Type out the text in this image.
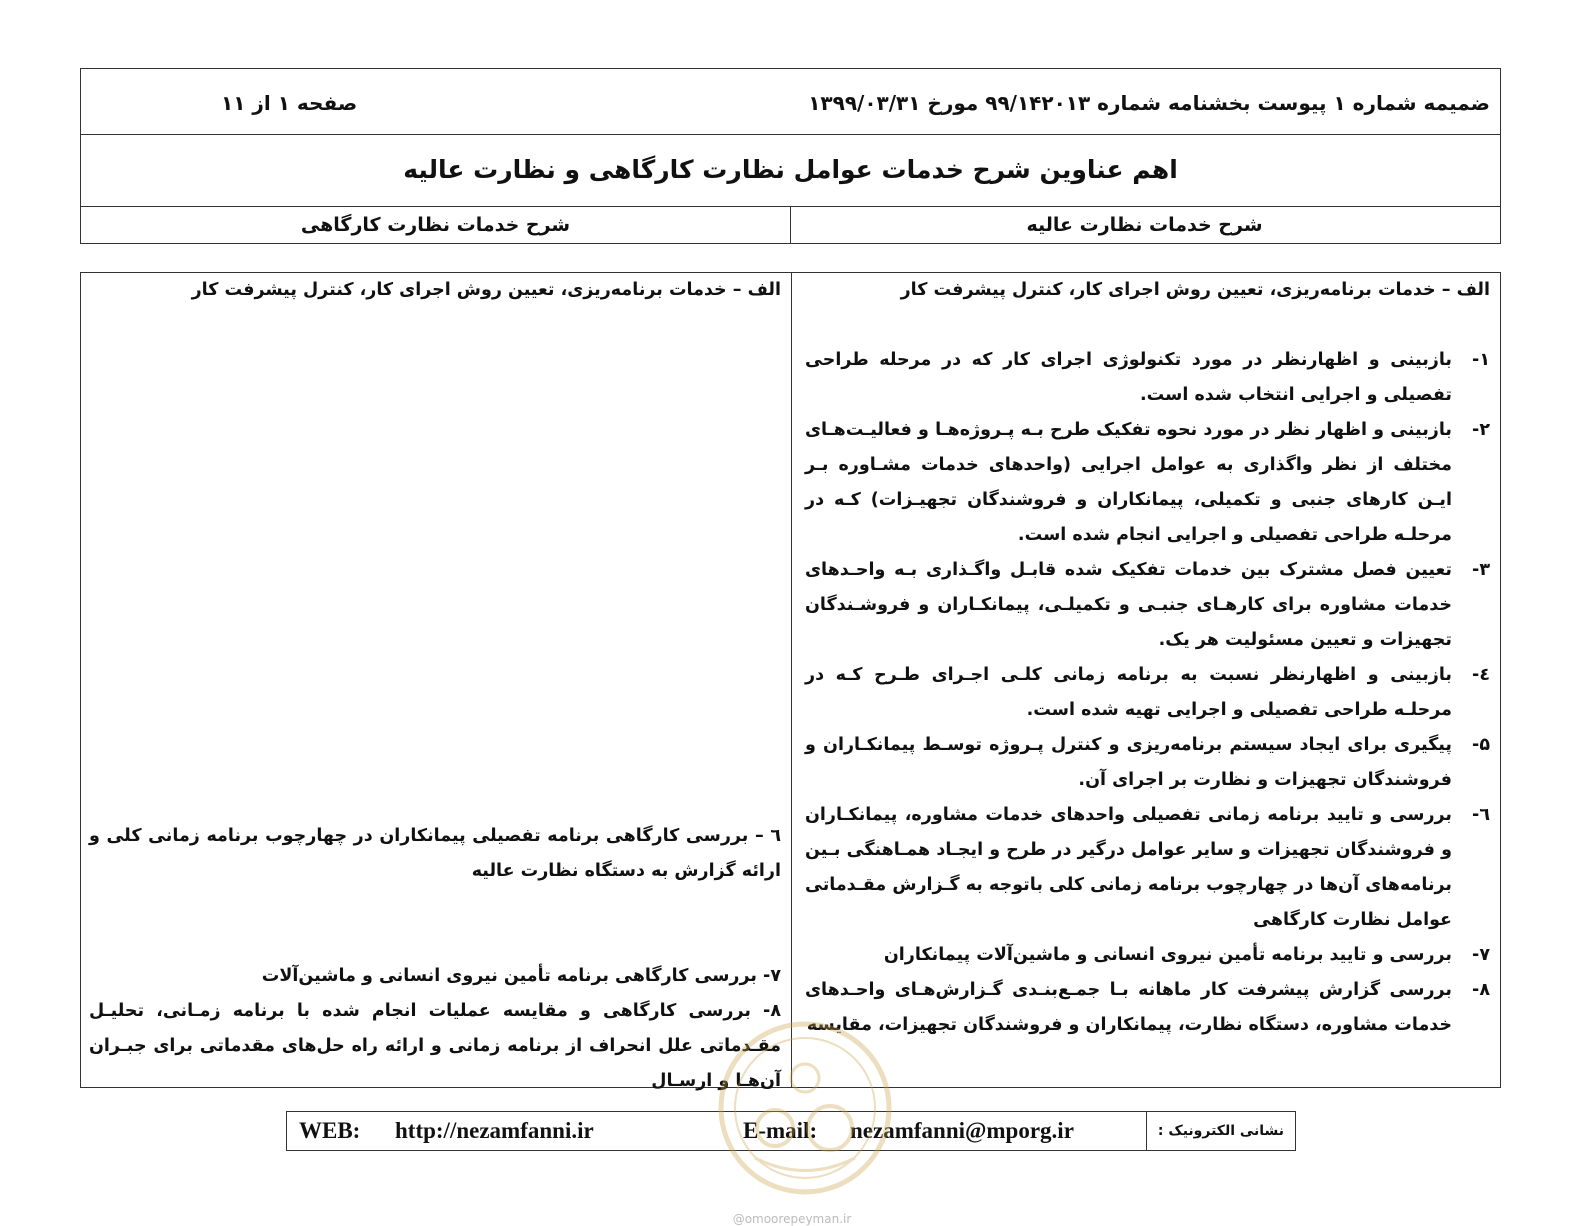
ضمیمه شماره ۱ پیوست بخشنامه شماره ۹۹/۱۴۲۰۱۳ مورخ ۱۳۹۹/۰۳/۳۱
صفحه ۱ از ۱۱
اهم عناوین شرح خدمات عوامل نظارت کارگاهی و نظارت عالیه
شرح خدمات نظارت عالیه
شرح خدمات نظارت کارگاهی

الف – خدمات برنامه‌ریزی، تعیین روش اجرای کار، کنترل پیشرفت کار

۱-
بازبینی و اظهارنظر در مورد تکنولوژی اجرای کار که در مرحله طراحی تفصیلی و اجرایی انتخاب شده است.
۲-
بازبینی و اظهار نظر در مورد نحوه تفکیک طرح بـه پـروژه‌هـا و فعالیـت‌هـای مختلف از نظر واگذاری به عوامل اجرایی (واحدهای خدمات مشـاوره بـر ایـن کارهای جنبی و تکمیلی، پیمانکاران و فروشندگان تجهیـزات) کـه در مرحلـه طراحی تفصیلی و اجرایی انجام شده است.
۳-
تعیین فصل مشترک بین خدمات تفکیک شده قابـل واگـذاری بـه واحـدهای خدمات مشاوره برای کارهـای جنبـی و تکمیلـی، پیمانکـاران و فروشـندگان تجهیزات و تعیین مسئولیت هر یک.
٤-
بازبینی و اظهارنظر نسبت به برنامه زمانی کلـی اجـرای طـرح کـه در مرحلـه طراحی تفصیلی و اجرایی تهیه شده است.
۵-
پیگیری برای ایجاد سیستم برنامه‌ریزی و کنترل پـروژه توسـط پیمانکـاران و فروشندگان تجهیزات و نظارت بر اجرای آن.
٦-
بررسی و تایید برنامه زمانی تفصیلی واحدهای خدمات مشاوره، پیمانکـاران و فروشندگان تجهیزات و سایر عوامل درگیر در طرح و ایجـاد همـاهنگی بـین برنامه‌های آن‌ها در چهارچوب برنامه زمانی کلی باتوجه به گـزارش مقـدماتی عوامل نظارت کارگاهی
۷-
بررسی و تایید برنامه تأمین نیروی انسانی و ماشین‌آلات پیمانکاران
۸-
بررسی گزارش پیشرفت کار ماهانه بـا جمـع‌بنـدی گـزارش‌هـای واحـدهای خدمات مشاوره، دستگاه نظارت، پیمانکاران و فروشندگان تجهیزات، مقایسه

الف – خدمات برنامه‌ریزی، تعیین روش اجرای کار، کنترل پیشرفت کار

٦ – بررسی کارگاهی برنامه تفصیلی پیمانکاران در چهارچوب برنامه زمانی کلی و ارائه گزارش به دستگاه نظارت عالیه
۷- بررسی کارگاهی برنامه تأمین نیروی انسانی و ماشین‌آلات
۸- بررسی کارگاهی و مقایسه عملیات انجام شده با برنامه زمـانی، تحلیـل مقـدماتی علل انحراف از برنامه زمانی و ارائه راه حل‌های مقدماتی برای جبـران آن‌هـا و ارسـال
WEB: http://nezamfanni.ir	E-mail: nezamfanni@mporg.ir	نشانی الکترونیک :
@omoorepeyman.ir
